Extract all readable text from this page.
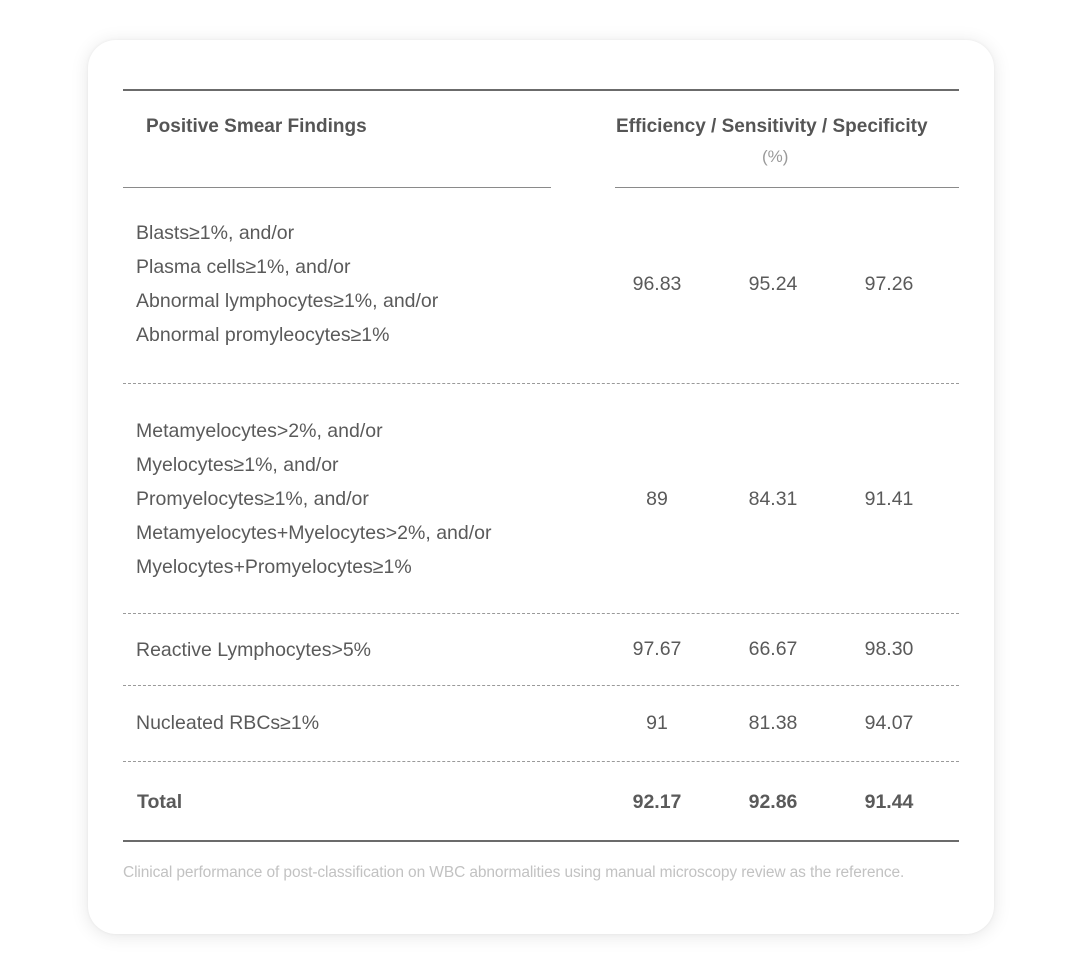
Positive Smear Findings	Efficiency / Sensitivity / Specificity
(%)
Blasts≥1%, and/or
Plasma cells≥1%, and/or
Abnormal lymphocytes≥1%, and/or
Abnormal promyleocytes≥1%
96.83	95.24	97.26
Metamyelocytes>2%, and/or
Myelocytes≥1%, and/or
Promyelocytes≥1%, and/or
Metamyelocytes+Myelocytes>2%, and/or
Myelocytes+Promyelocytes≥1%
89	84.31	91.41
Reactive Lymphocytes>5%	97.67	66.67	98.30
Nucleated RBCs≥1%	91	81.38	94.07
Total	92.17	92.86	91.44
Clinical performance of post-classification on WBC abnormalities using manual microscopy review as the reference.
